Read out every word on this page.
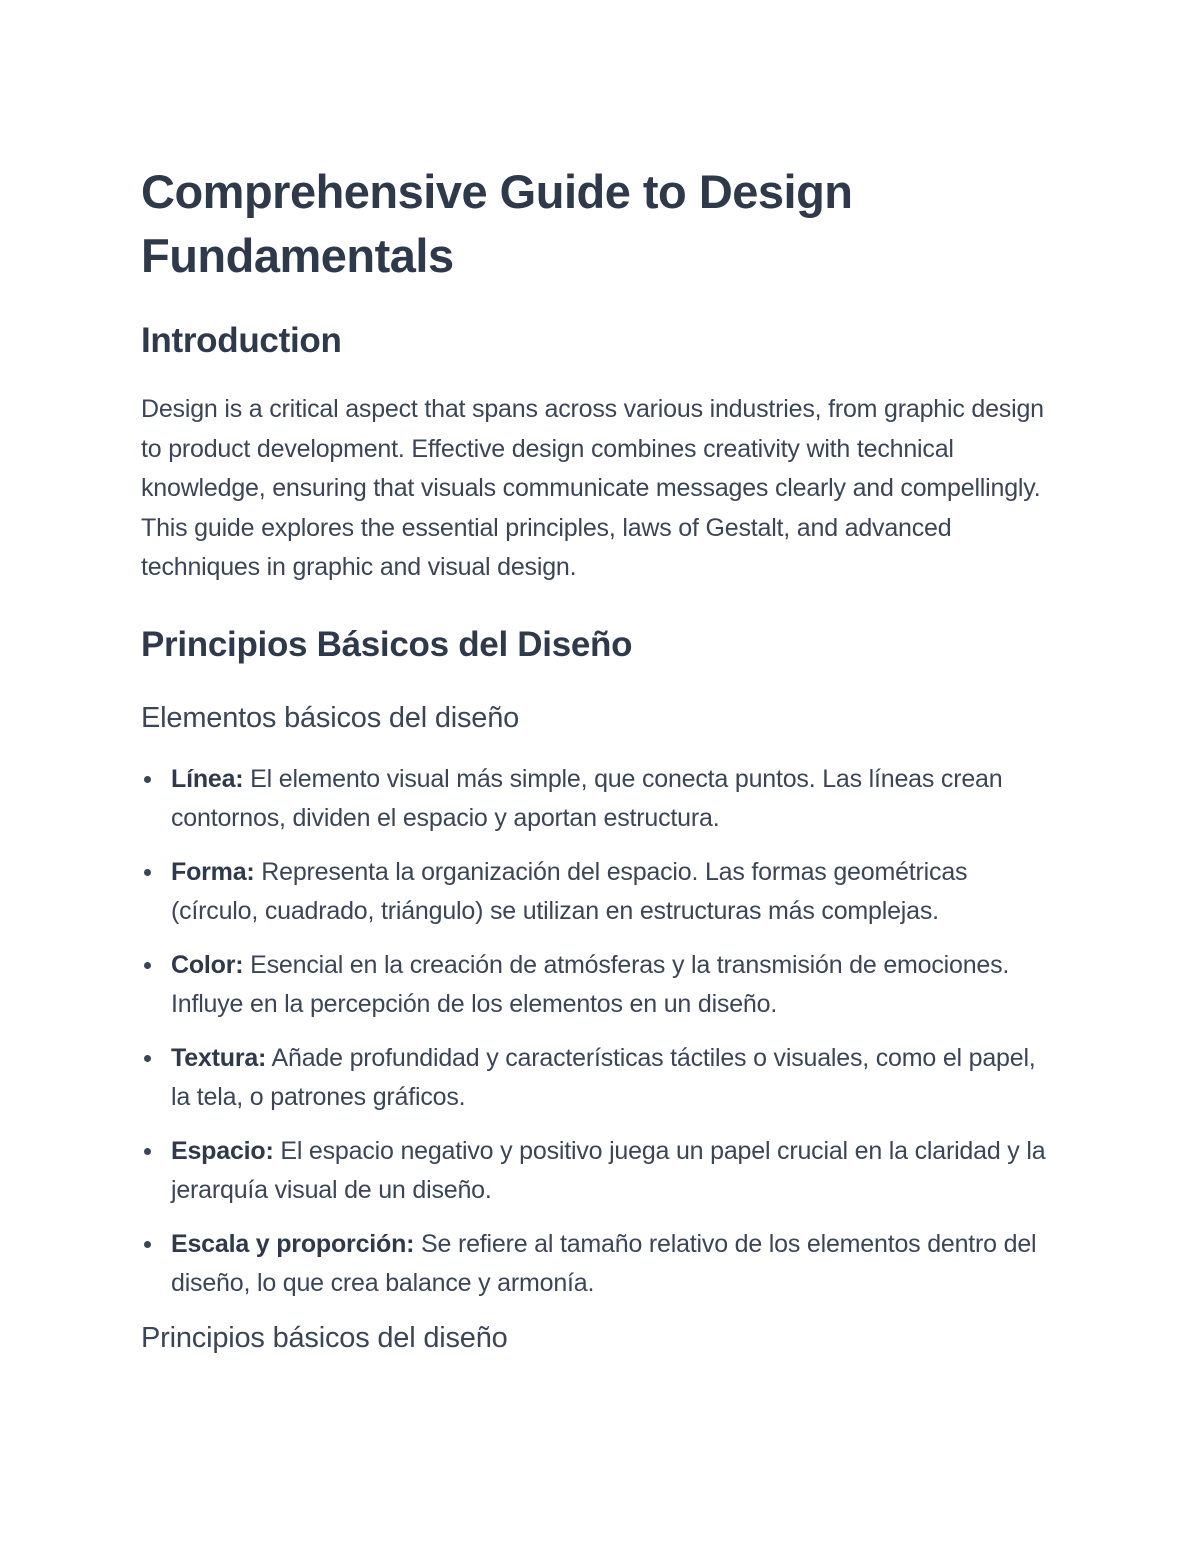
Comprehensive Guide to Design Fundamentals
Introduction

Design is a critical aspect that spans across various industries, from graphic design to product development. Effective design combines creativity with technical knowledge, ensuring that visuals communicate messages clearly and compellingly. This guide explores the essential principles, laws of Gestalt, and advanced techniques in graphic and visual design.

Principios Básicos del Diseño
Elementos básicos del diseño
Línea: El elemento visual más simple, que conecta puntos. Las líneas crean contornos, dividen el espacio y aportan estructura.
Forma: Representa la organización del espacio. Las formas geométricas (círculo, cuadrado, triángulo) se utilizan en estructuras más complejas.
Color: Esencial en la creación de atmósferas y la transmisión de emociones. Influye en la percepción de los elementos en un diseño.
Textura: Añade profundidad y características táctiles o visuales, como el papel, la tela, o patrones gráficos.
Espacio: El espacio negativo y positivo juega un papel crucial en la claridad y la jerarquía visual de un diseño.
Escala y proporción: Se refiere al tamaño relativo de los elementos dentro del diseño, lo que crea balance y armonía.
Principios básicos del diseño
